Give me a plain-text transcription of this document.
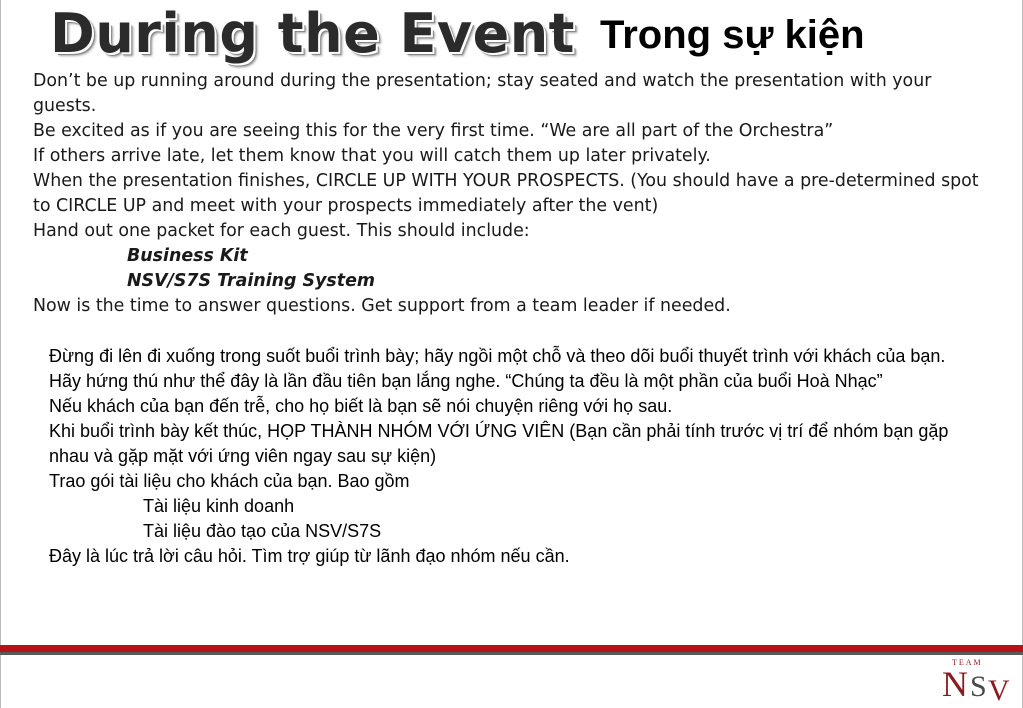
During the Event Trong sự kiện

Don’t be up running around during the presentation; stay seated and watch the presentation with your guests.

Be excited as if you are seeing this for the very first time. “We are all part of the Orchestra”

If others arrive late, let them know that you will catch them up later privately.

When the presentation finishes, CIRCLE UP WITH YOUR PROSPECTS. (You should have a pre-determined spot to CIRCLE UP and meet with your prospects immediately after the vent)

Hand out one packet for each guest. This should include:

Business Kit

NSV/S7S Training System

Now is the time to answer questions. Get support from a team leader if needed.

Đừng đi lên đi xuống trong suốt buổi trình bày; hãy ngồi một chỗ và theo dõi buổi thuyết trình với khách của bạn.

Hãy hứng thú như thể đây là lần đầu tiên bạn lắng nghe. “Chúng ta đều là một phần của buổi Hoà Nhạc”

Nếu khách của bạn đến trễ, cho họ biết là bạn sẽ nói chuyện riêng với họ sau.

Khi buổi trình bày kết thúc, HỌP THÀNH NHÓM VỚI ỨNG VIÊN (Bạn cần phải tính trước vị trí để nhóm bạn gặp nhau và gặp mặt với ứng viên ngay sau sự kiện)

Trao gói tài liệu cho khách của bạn. Bao gồm

Tài liệu kinh doanh

Tài liệu đào tạo của NSV/S7S

Đây là lúc trả lời câu hỏi. Tìm trợ giúp từ lãnh đạo nhóm nếu cần.

TEAM
N S V
